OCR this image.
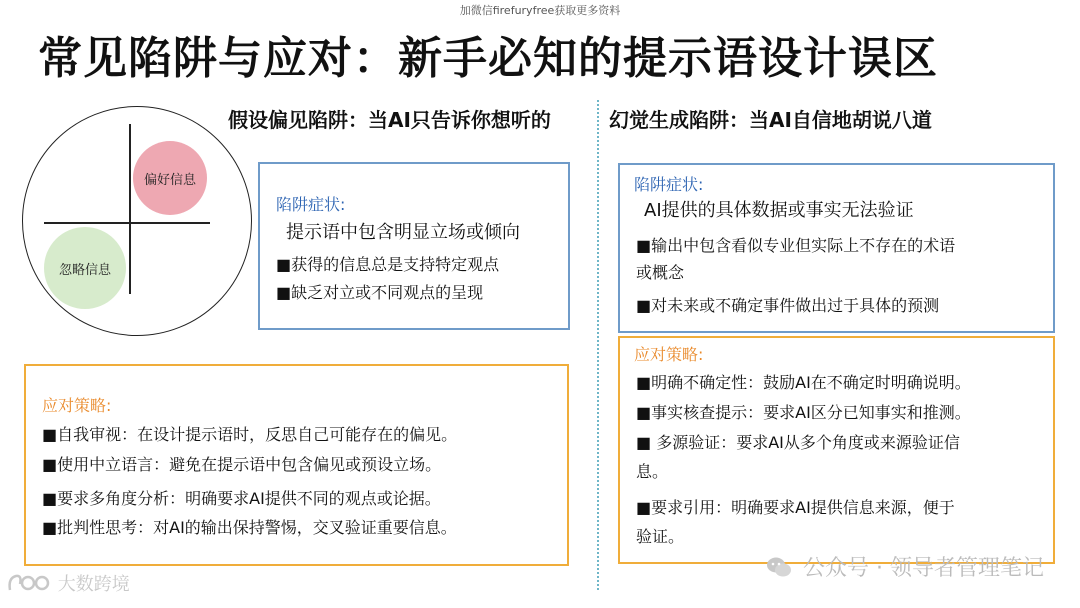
加微信firefuryfree获取更多资料
常见陷阱与应对：新手必知的提示语设计误区
假设偏见陷阱：当AI只告诉你想听的
偏好信息
忽略信息
陷阱症状:
提示语中包含明显立场或倾向
■获得的信息总是支持特定观点
■缺乏对立或不同观点的呈现
应对策略:
■自我审视：在设计提示语时，反思自己可能存在的偏见。
■使用中立语言：避免在提示语中包含偏见或预设立场。
■要求多角度分析：明确要求AI提供不同的观点或论据。
■批判性思考：对AI的输出保持警惕，交叉验证重要信息。
幻觉生成陷阱：当AI自信地胡说八道
陷阱症状:
AI提供的具体数据或事实无法验证
■输出中包含看似专业但实际上不存在的术语
或概念
■对未来或不确定事件做出过于具体的预测
应对策略:
■明确不确定性：鼓励AI在不确定时明确说明。
■事实核查提示：要求AI区分已知事实和推测。
■ 多源验证：要求AI从多个角度或来源验证信
息。
■要求引用：明确要求AI提供信息来源，便于
验证。
公众号 · 领导者管理笔记
大数跨境
